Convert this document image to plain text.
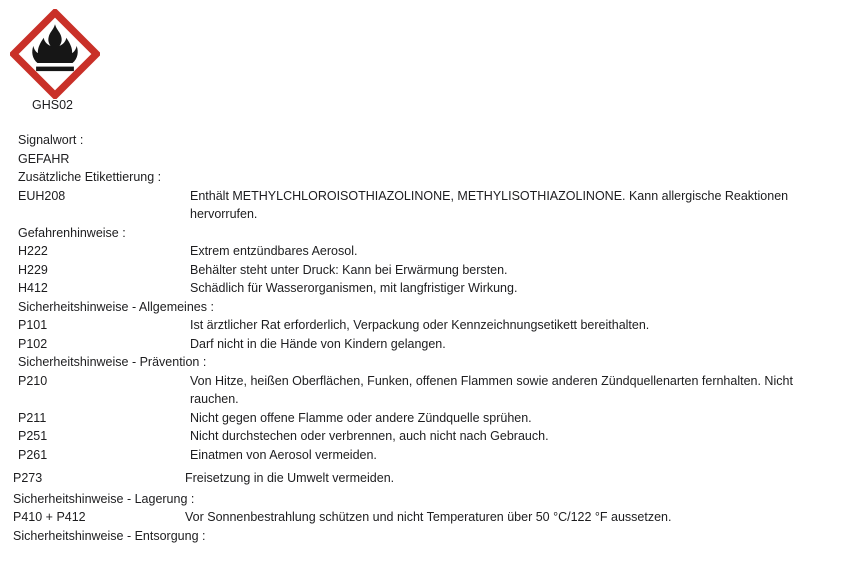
GHS02
Signalwort :
GEFAHR
Zusätzliche Etikettierung :
EUH208	Enthält METHYLCHLOROISOTHIAZOLINONE, METHYLISOTHIAZOLINONE. Kann allergische Reaktionen hervorrufen.
Gefahrenhinweise :
H222	Extrem entzündbares Aerosol.
H229	Behälter steht unter Druck: Kann bei Erwärmung bersten.
H412	Schädlich für Wasserorganismen, mit langfristiger Wirkung.
Sicherheitshinweise - Allgemeines :
P101	Ist ärztlicher Rat erforderlich, Verpackung oder Kennzeichnungsetikett bereithalten.
P102	Darf nicht in die Hände von Kindern gelangen.
Sicherheitshinweise - Prävention :
P210	Von Hitze, heißen Oberflächen, Funken, offenen Flammen sowie anderen Zündquellenarten fernhalten. Nicht rauchen.
P211	Nicht gegen offene Flamme oder andere Zündquelle sprühen.
P251	Nicht durchstechen oder verbrennen, auch nicht nach Gebrauch.
P261	Einatmen von Aerosol vermeiden.
P273	Freisetzung in die Umwelt vermeiden.
Sicherheitshinweise - Lagerung :
P410 + P412	Vor Sonnenbestrahlung schützen und nicht Temperaturen über 50 °C/122 °F aussetzen.
Sicherheitshinweise - Entsorgung :
